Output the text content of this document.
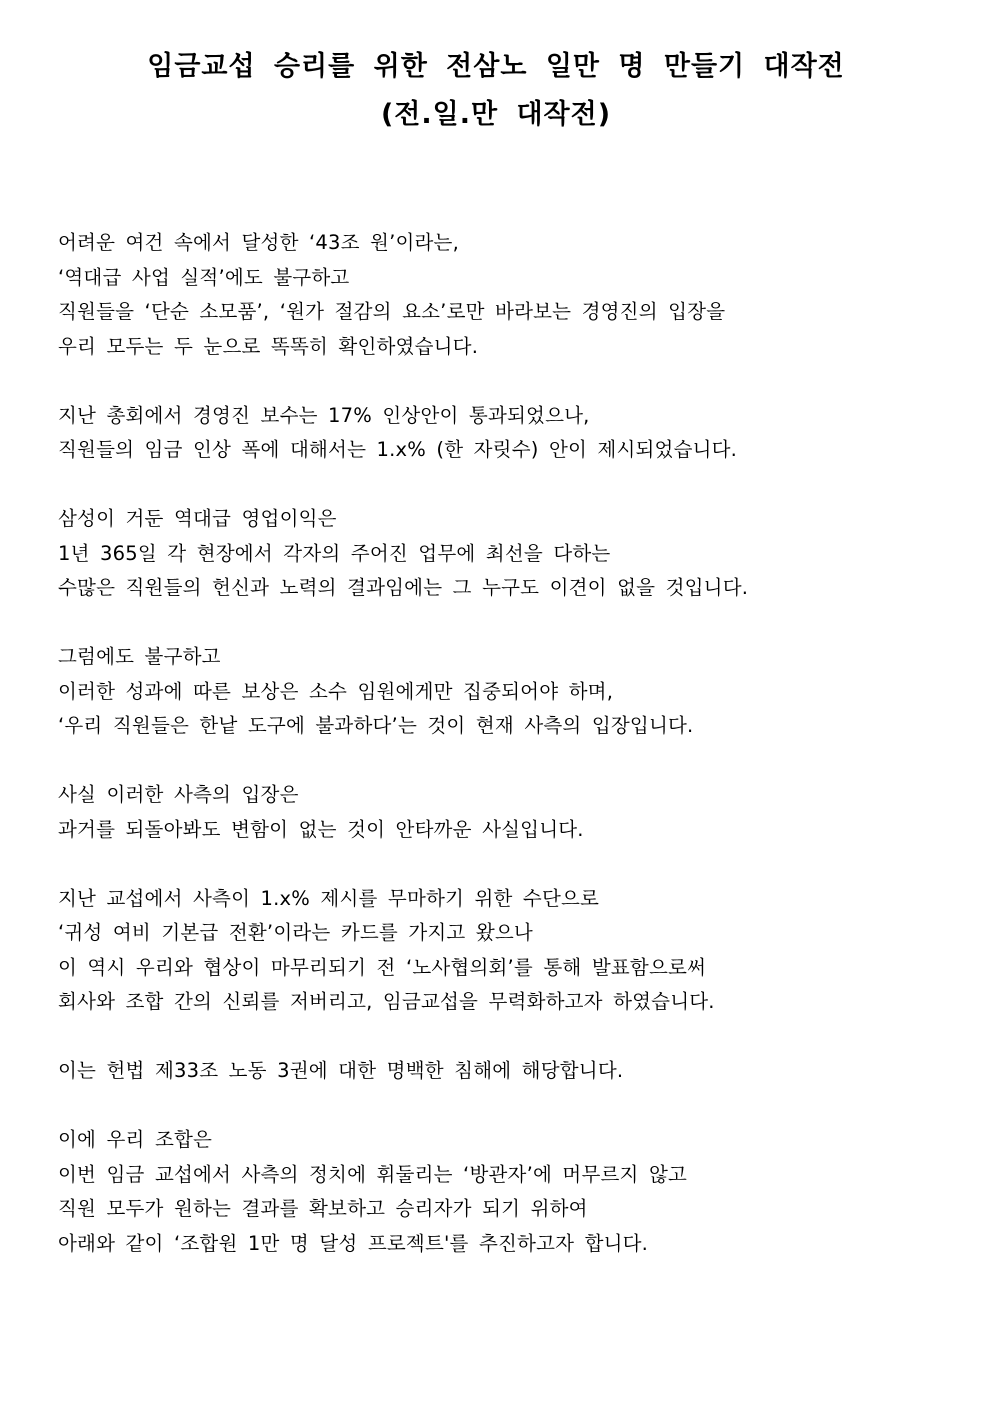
임금교섭 승리를 위한 전삼노 일만 명 만들기 대작전
(전.일.만 대작전)
어려운 여건 속에서 달성한 ‘43조 원’이라는,
‘역대급 사업 실적’에도 불구하고
직원들을 ‘단순 소모품’, ‘원가 절감의 요소’로만 바라보는 경영진의 입장을
우리 모두는 두 눈으로 똑똑히 확인하였습니다.
지난 총회에서 경영진 보수는 17% 인상안이 통과되었으나,
직원들의 임금 인상 폭에 대해서는 1.x% (한 자릿수) 안이 제시되었습니다.
삼성이 거둔 역대급 영업이익은
1년 365일 각 현장에서 각자의 주어진 업무에 최선을 다하는
수많은 직원들의 헌신과 노력의 결과임에는 그 누구도 이견이 없을 것입니다.
그럼에도 불구하고
이러한 성과에 따른 보상은 소수 임원에게만 집중되어야 하며,
‘우리 직원들은 한낱 도구에 불과하다’는 것이 현재 사측의 입장입니다.
사실 이러한 사측의 입장은
과거를 되돌아봐도 변함이 없는 것이 안타까운 사실입니다.
지난 교섭에서 사측이 1.x% 제시를 무마하기 위한 수단으로
‘귀성 여비 기본급 전환’이라는 카드를 가지고 왔으나
이 역시 우리와 협상이 마무리되기 전 ‘노사협의회’를 통해 발표함으로써
회사와 조합 간의 신뢰를 저버리고, 임금교섭을 무력화하고자 하였습니다.
이는 헌법 제33조 노동 3권에 대한 명백한 침해에 해당합니다.
이에 우리 조합은
이번 임금 교섭에서 사측의 정치에 휘둘리는 ‘방관자’에 머무르지 않고
직원 모두가 원하는 결과를 확보하고 승리자가 되기 위하여
아래와 같이 ‘조합원 1만 명 달성 프로젝트'를 추진하고자 합니다.
